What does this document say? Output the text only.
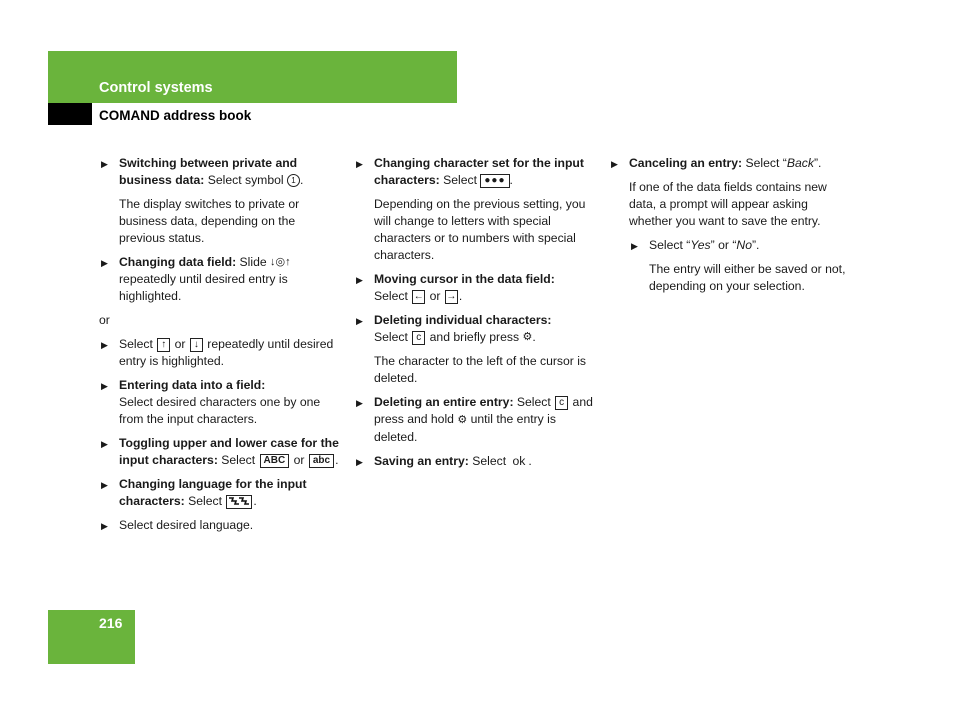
Control systems
COMAND address book
▶ Switching between private and business data: Select symbol 1 .
The display switches to private or business data, depending on the previous status.
▶ Changing data field: Slide ↓◎↑ repeatedly until desired entry is highlighted.
or
▶ Select ↑ or ↓ repeatedly until desired entry is highlighted.
▶ Entering data into a field:
Select desired characters one by one from the input characters.
▶ Toggling upper and lower case for the input characters: Select ABC or abc .
▶ Changing language for the input characters: Select .
▶ Select desired language.
▶ Changing character set for the input characters: Select ●●● .
Depending on the previous setting, you will change to letters with special characters or to numbers with special characters.
▶ Moving cursor in the data field:
Select ← or → .
▶ Deleting individual characters:
Select c and briefly press ⚙.
The character to the left of the cursor is deleted.
▶ Deleting an entire entry: Select c and press and hold ⚙ until the entry is deleted.
▶ Saving an entry: Select ok .
▶ Canceling an entry: Select “Back”.
If one of the data fields contains new data, a prompt will appear asking whether you want to save the entry.
▶ Select “Yes” or “No”.
The entry will either be saved or not, depending on your selection.
216
